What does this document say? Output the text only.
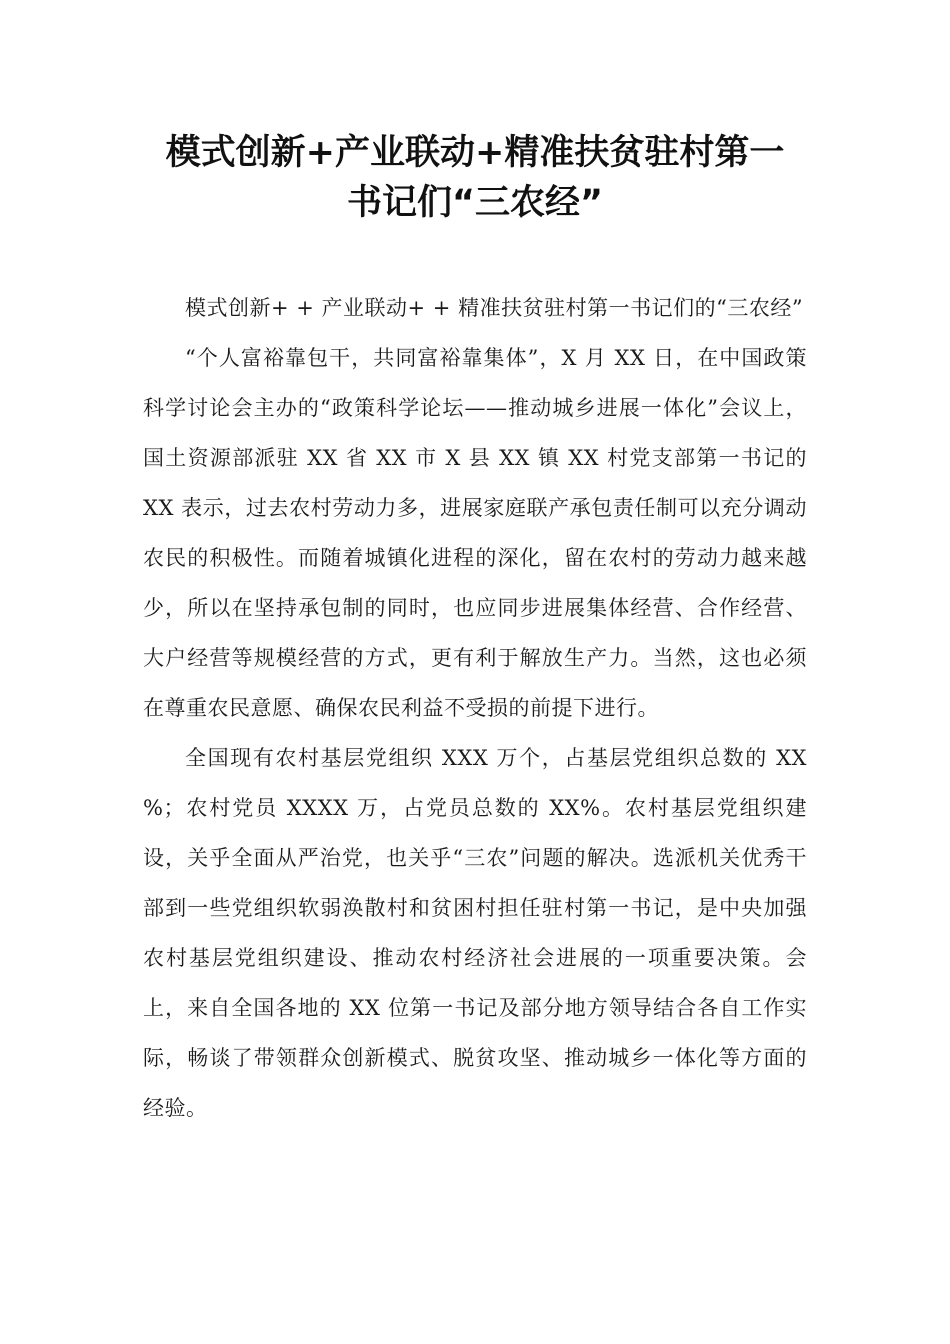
模式创新+产业联动+精准扶贫驻村第一
书记们“三农经”

模式创新+ + 产业联动+ + 精准扶贫驻村第一书记们的“三农经”

“个人富裕靠包干，共同富裕靠集体”，X 月 XX 日，在中国政策科学讨论会主办的“政策科学论坛——推动城乡进展一体化”会议上，国土资源部派驻 XX 省 XX 市 X 县 XX 镇 XX 村党支部第一书记的 XX 表示，过去农村劳动力多，进展家庭联产承包责任制可以充分调动农民的积极性。而随着城镇化进程的深化，留在农村的劳动力越来越少，所以在坚持承包制的同时，也应同步进展集体经营、合作经营、大户经营等规模经营的方式，更有利于解放生产力。当然，这也必须在尊重农民意愿、确保农民利益不受损的前提下进行。

全国现有农村基层党组织 XXX 万个，占基层党组织总数的 XX %；农村党员 XXXX 万，占党员总数的 XX%。农村基层党组织建设，关乎全面从严治党，也关乎“三农”问题的解决。选派机关优秀干部到一些党组织软弱涣散村和贫困村担任驻村第一书记，是中央加强农村基层党组织建设、推动农村经济社会进展的一项重要决策。会上，来自全国各地的 XX 位第一书记及部分地方领导结合各自工作实际，畅谈了带领群众创新模式、脱贫攻坚、推动城乡一体化等方面的经验。
